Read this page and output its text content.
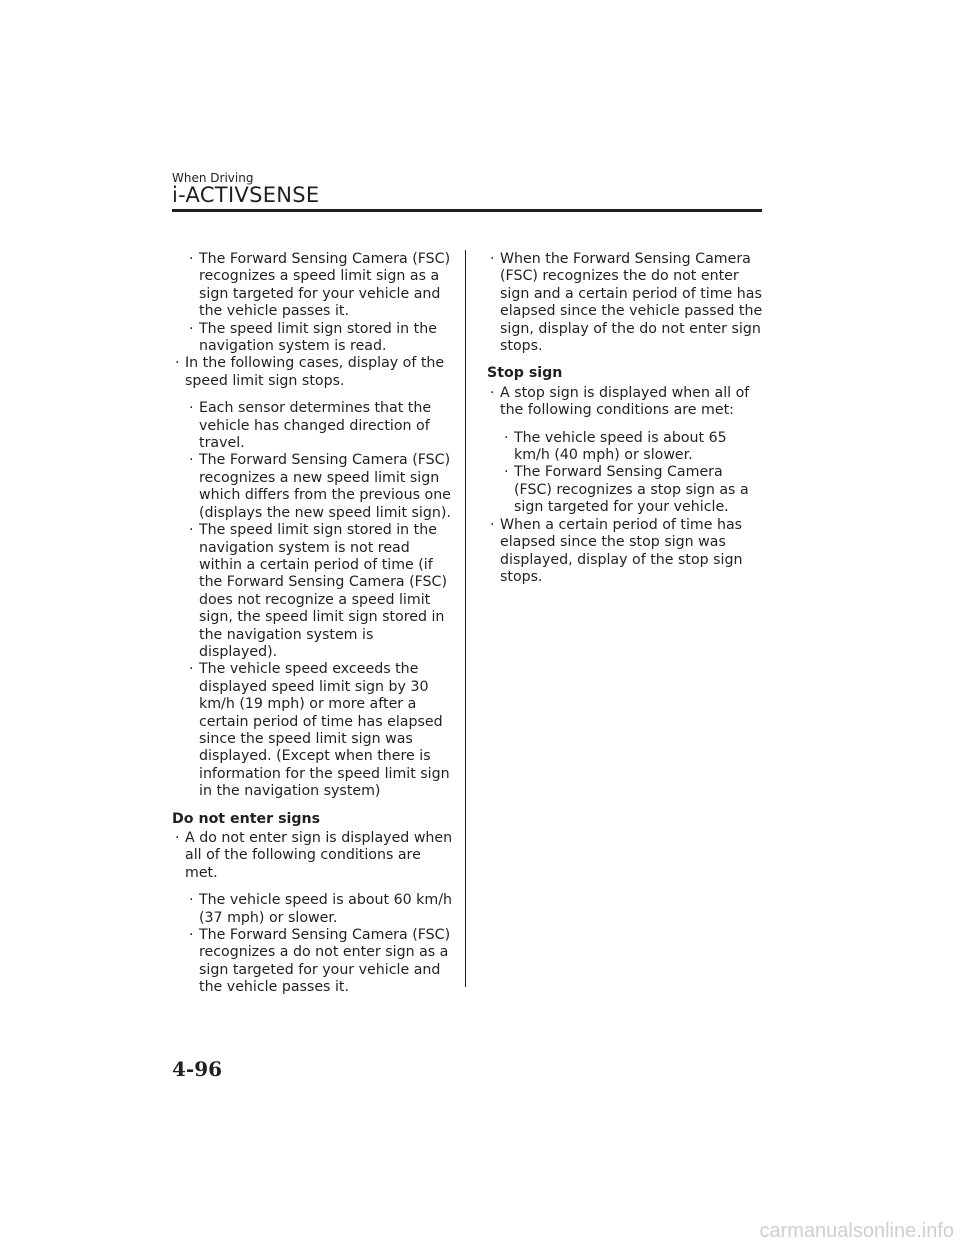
When Driving
i-ACTIVSENSE
· The Forward Sensing Camera (FSC) recognizes a speed limit sign as a sign targeted for your vehicle and the vehicle passes it.
· The speed limit sign stored in the navigation system is read.
· In the following cases, display of the speed limit sign stops.
· Each sensor determines that the vehicle has changed direction of travel.
· The Forward Sensing Camera (FSC) recognizes a new speed limit sign which differs from the previous one (displays the new speed limit sign).
· The speed limit sign stored in the navigation system is not read within a certain period of time (if the Forward Sensing Camera (FSC) does not recognize a speed limit sign, the speed limit sign stored in the navigation system is displayed).
· The vehicle speed exceeds the displayed speed limit sign by 30 km/h (19 mph) or more after a certain period of time has elapsed since the speed limit sign was displayed. (Except when there is information for the speed limit sign in the navigation system)
Do not enter signs
· A do not enter sign is displayed when all of the following conditions are met.
· The vehicle speed is about 60 km/h (37 mph) or slower.
· The Forward Sensing Camera (FSC) recognizes a do not enter sign as a sign targeted for your vehicle and the vehicle passes it.
· When the Forward Sensing Camera (FSC) recognizes the do not enter sign and a certain period of time has elapsed since the vehicle passed the sign, display of the do not enter sign stops.
Stop sign
· A stop sign is displayed when all of the following conditions are met:
· The vehicle speed is about 65 km/h (40 mph) or slower.
· The Forward Sensing Camera (FSC) recognizes a stop sign as a sign targeted for your vehicle.
· When a certain period of time has elapsed since the stop sign was displayed, display of the stop sign stops.
4-96
carmanualsonline.info
